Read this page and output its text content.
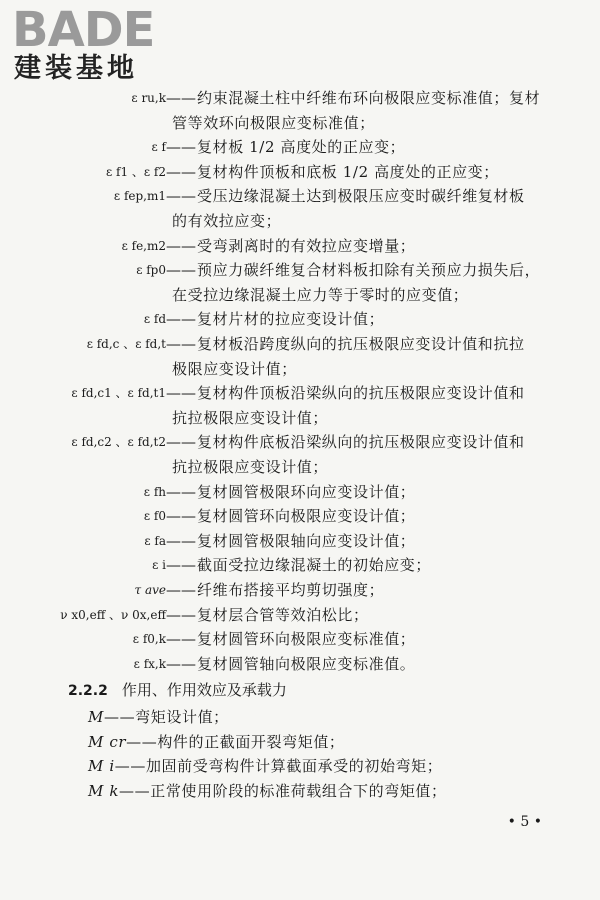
BADE
建装基地
ε ru,k —— 约束混凝土柱中纤维布环向极限应变标准值；复材
管等效环向极限应变标准值；
ε f —— 复材板 1/2 高度处的正应变；
ε f1 、ε f2 —— 复材构件顶板和底板 1/2 高度处的正应变；
ε fep,m1 —— 受压边缘混凝土达到极限压应变时碳纤维复材板
的有效拉应变；
ε fe,m2 —— 受弯剥离时的有效拉应变增量；
ε fp0 —— 预应力碳纤维复合材料板扣除有关预应力损失后，
在受拉边缘混凝土应力等于零时的应变值；
ε fd —— 复材片材的拉应变设计值；
ε fd,c 、ε fd,t —— 复材板沿跨度纵向的抗压极限应变设计值和抗拉
极限应变设计值；
ε fd,c1 、ε fd,t1 —— 复材构件顶板沿梁纵向的抗压极限应变设计值和
抗拉极限应变设计值；
ε fd,c2 、ε fd,t2 —— 复材构件底板沿梁纵向的抗压极限应变设计值和
抗拉极限应变设计值；
ε fh —— 复材圆管极限环向应变设计值；
ε f0 —— 复材圆管环向极限应变设计值；
ε fa —— 复材圆管极限轴向应变设计值；
ε i —— 截面受拉边缘混凝土的初始应变；
τ ave —— 纤维布搭接平均剪切强度；
ν x0,eff 、ν 0x,eff —— 复材层合管等效泊松比；
ε f0,k —— 复材圆管环向极限应变标准值；
ε fx,k —— 复材圆管轴向极限应变标准值。
2.2.2 作用、作用效应及承载力
M——弯矩设计值；
M cr——构件的正截面开裂弯矩值；
M i——加固前受弯构件计算截面承受的初始弯矩；
M k——正常使用阶段的标准荷载组合下的弯矩值；
• 5 •
